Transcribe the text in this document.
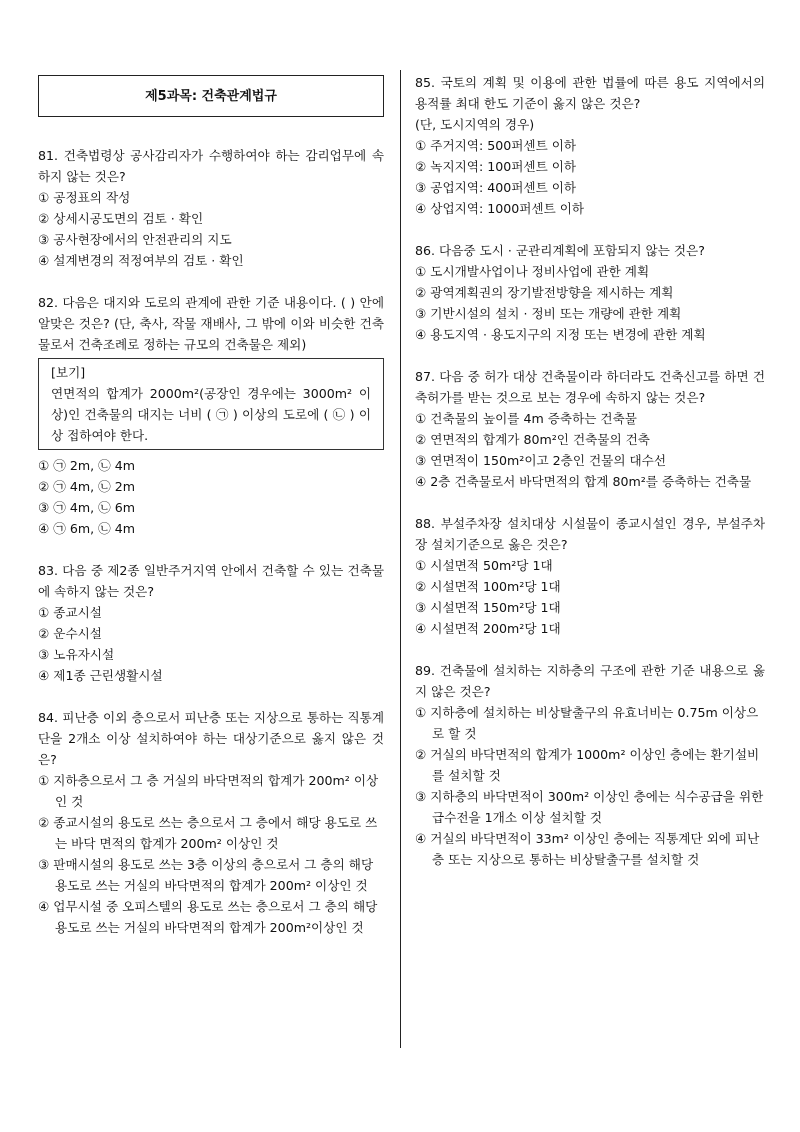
제5과목: 건축관계법규

81. 건축법령상 공사감리자가 수행하여야 하는 감리업무에 속하지 않는 것은?

① 공정표의 작성

② 상세시공도면의 검토 · 확인

③ 공사현장에서의 안전관리의 지도

④ 설계변경의 적정여부의 검토 · 확인

82. 다음은 대지와 도로의 관계에 관한 기준 내용이다. ( ) 안에 알맞은 것은? (단, 축사, 작물 재배사, 그 밖에 이와 비슷한 건축물로서 건축조례로 정하는 규모의 건축물은 제외)

[보기]

연면적의 합계가 2000m²(공장인 경우에는 3000m² 이상)인 건축물의 대지는 너비 ( ㉠ ) 이상의 도로에 ( ㉡ ) 이상 접하여야 한다.

① ㉠ 2m, ㉡ 4m

② ㉠ 4m, ㉡ 2m

③ ㉠ 4m, ㉡ 6m

④ ㉠ 6m, ㉡ 4m

83. 다음 중 제2종 일반주거지역 안에서 건축할 수 있는 건축물에 속하지 않는 것은?

① 종교시설

② 운수시설

③ 노유자시설

④ 제1종 근린생활시설

84. 피난층 이외 층으로서 피난층 또는 지상으로 통하는 직통계단을 2개소 이상 설치하여야 하는 대상기준으로 옳지 않은 것은?

① 지하층으로서 그 층 거실의 바닥면적의 합계가 200m² 이상인 것

② 종교시설의 용도로 쓰는 층으로서 그 층에서 해당 용도로 쓰는 바닥 면적의 합계가 200m² 이상인 것

③ 판매시설의 용도로 쓰는 3층 이상의 층으로서 그 층의 해당 용도로 쓰는 거실의 바닥면적의 합계가 200m² 이상인 것

④ 업무시설 중 오피스텔의 용도로 쓰는 층으로서 그 층의 해당 용도로 쓰는 거실의 바닥면적의 합계가 200m²이상인 것

85. 국토의 계획 및 이용에 관한 법률에 따른 용도 지역에서의 용적률 최대 한도 기준이 옳지 않은 것은?

(단, 도시지역의 경우)

① 주거지역: 500퍼센트 이하

② 녹지지역: 100퍼센트 이하

③ 공업지역: 400퍼센트 이하

④ 상업지역: 1000퍼센트 이하

86. 다음중 도시 · 군관리계획에 포함되지 않는 것은?

① 도시개발사업이나 정비사업에 관한 계획

② 광역계획권의 장기발전방향을 제시하는 계획

③ 기반시설의 설치 · 정비 또는 개량에 관한 계획

④ 용도지역 · 용도지구의 지정 또는 변경에 관한 계획

87. 다음 중 허가 대상 건축물이라 하더라도 건축신고를 하면 건축허가를 받는 것으로 보는 경우에 속하지 않는 것은?

① 건축물의 높이를 4m 증축하는 건축물

② 연면적의 합계가 80m²인 건축물의 건축

③ 연면적이 150m²이고 2층인 건물의 대수선

④ 2층 건축물로서 바닥면적의 합계 80m²를 증축하는 건축물

88. 부설주차장 설치대상 시설물이 종교시설인 경우, 부설주차장 설치기준으로 옳은 것은?

① 시설면적 50m²당 1대

② 시설면적 100m²당 1대

③ 시설면적 150m²당 1대

④ 시설면적 200m²당 1대

89. 건축물에 설치하는 지하층의 구조에 관한 기준 내용으로 옳지 않은 것은?

① 지하층에 설치하는 비상탈출구의 유효너비는 0.75m 이상으로 할 것

② 거실의 바닥면적의 합계가 1000m² 이상인 층에는 환기설비를 설치할 것

③ 지하층의 바닥면적이 300m² 이상인 층에는 식수공급을 위한 급수전을 1개소 이상 설치할 것

④ 거실의 바닥면적이 33m² 이상인 층에는 직통계단 외에 피난층 또는 지상으로 통하는 비상탈출구를 설치할 것
